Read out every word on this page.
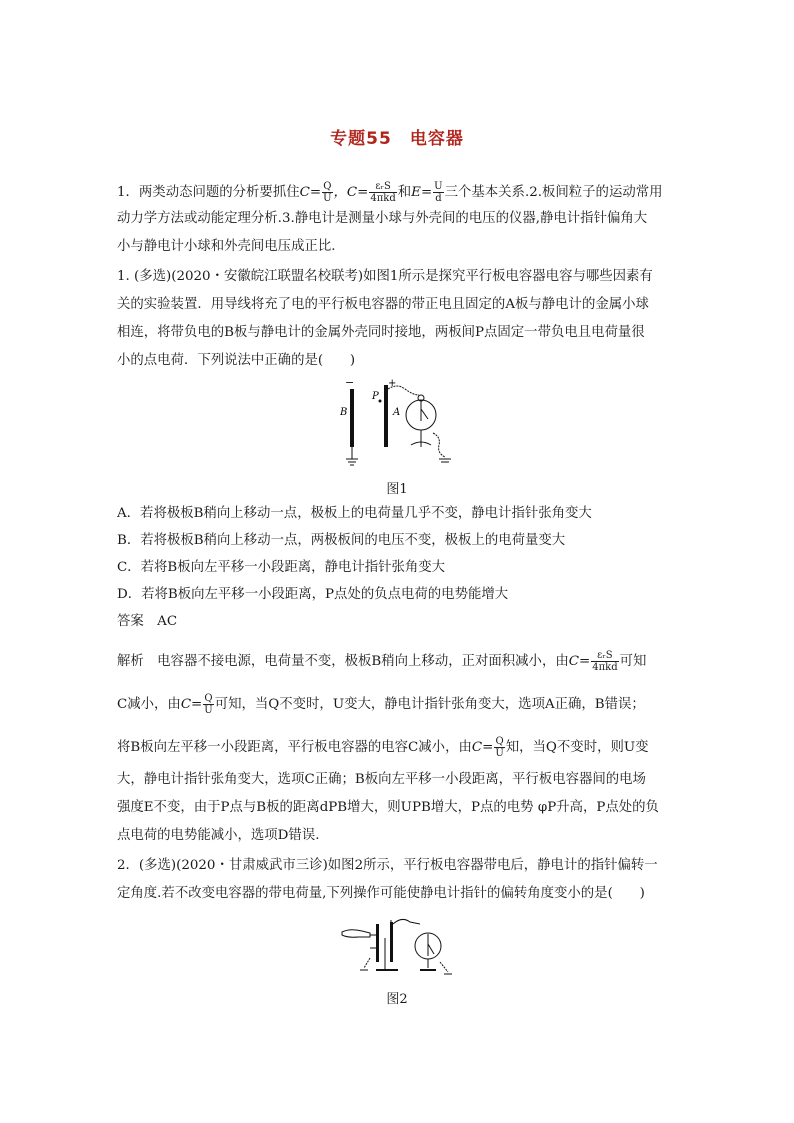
专题55　电容器
1．两类动态问题的分析要抓住$C= \frac{Q}{U}$ ，$C= \frac{\text{εᵣS}}{\text{4πkd}}$ 和$E= \frac{U}{d}$ 三个基本关系.2.板间粒子的运动常用
动力学方法或动能定理分析.3.静电计是测量小球与外壳间的电压的仪器,静电计指针偏角大
小与静电计小球和外壳间电压成正比.
1. (多选)(2020・安徽皖江联盟名校联考)如图1所示是探究平行板电容器电容与哪些因素有
关的实验装置．用导线将充了电的平行板电容器的带正电且固定的A板与静电计的金属小球
相连，将带负电的B板与静电计的金属外壳同时接地，两板间P点固定一带负电且电荷量很
小的点电荷．下列说法中正确的是(　　)
−	+
B
P
A
图1
A．若将极板B稍向上移动一点，极板上的电荷量几乎不变，静电计指针张角变大
B．若将极板B稍向上移动一点，两极板间的电压不变，极板上的电荷量变大
C．若将B板向左平移一小段距离，静电计指针张角变大
D．若将B板向左平移一小段距离，P点处的负点电荷的电势能增大
答案　AC
解析　电容器不接电源，电荷量不变，极板B稍向上移动，正对面积减小，由$C= \frac{\text{εᵣS}}{\text{4πkd}}$ 可知
C减小，由$C= \frac{Q}{U}$ 可知，当Q不变时，U变大，静电计指针张角变大，选项A正确，B错误；
将B板向左平移一小段距离，平行板电容器的电容C减小，由$C= \frac{Q}{U}$ 知，当Q不变时，则U变
大，静电计指针张角变大，选项C正确；B板向左平移一小段距离，平行板电容器间的电场
强度E不变，由于P点与B板的距离dPB增大，则UPB增大，P点的电势 φP升高，P点处的负
点电荷的电势能减小，选项D错误.
2．(多选)(2020・甘肃威武市三诊)如图2所示，平行板电容器带电后，静电计的指针偏转一
定角度.若不改变电容器的带电荷量,下列操作可能使静电计指针的偏转角度变小的是(　　)
图2
